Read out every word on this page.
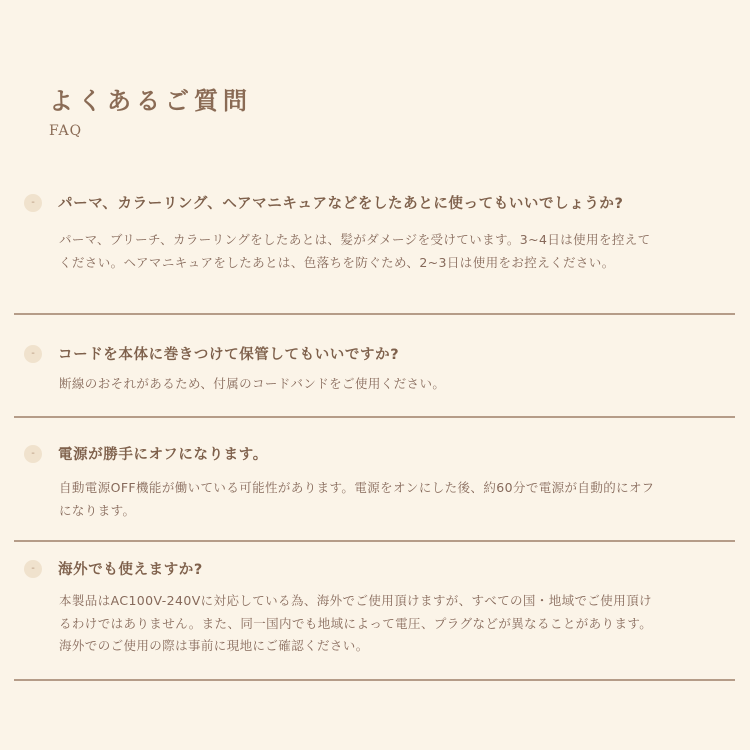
よくあるご質問
FAQ
-	パーマ、カラーリング、ヘアマニキュアなどをしたあとに使ってもいいでしょうか?
パーマ、ブリーチ、カラーリングをしたあとは、髪がダメージを受けています。3~4日は使用を控えてください。ヘアマニキュアをしたあとは、色落ちを防ぐため、2~3日は使用をお控えください。
-	コードを本体に巻きつけて保管してもいいですか?
断線のおそれがあるため、付属のコードバンドをご使用ください。
-	電源が勝手にオフになります。
自動電源OFF機能が働いている可能性があります。電源をオンにした後、約60分で電源が自動的にオフになります。
-	海外でも使えますか?
本製品はAC100V-240Vに対応している為、海外でご使用頂けますが、すべての国・地域でご使用頂けるわけではありません。また、同一国内でも地域によって電圧、プラグなどが異なることがあります。海外でのご使用の際は事前に現地にご確認ください。
